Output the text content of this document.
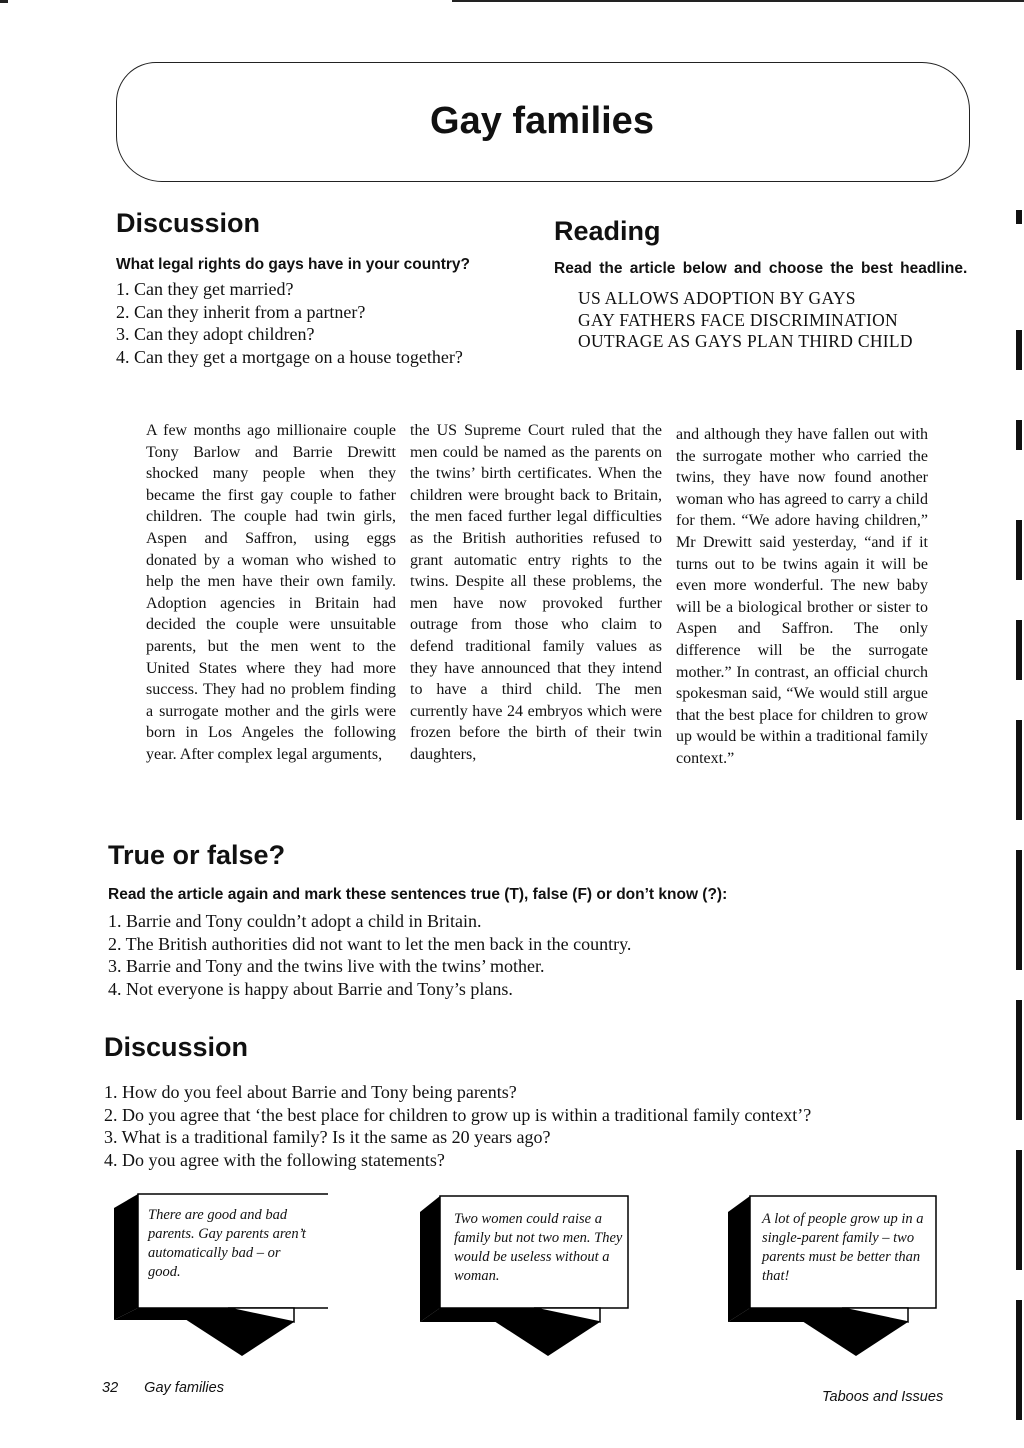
Gay families
Discussion

What legal rights do gays have in your country?

1. Can they get married?
2. Can they inherit from a partner?
3. Can they adopt children?
4. Can they get a mortgage on a house together?
Reading

Read the article below and choose the best headline.

US ALLOWS ADOPTION BY GAYS
GAY FATHERS FACE DISCRIMINATION
OUTRAGE AS GAYS PLAN THIRD CHILD
A few months ago millionaire couple Tony Barlow and Barrie Drewitt shocked many people when they became the first gay couple to father children. The couple had twin girls, Aspen and Saffron, using eggs donated by a woman who wished to help the men have their own family. Adoption agencies in Britain had decided the couple were unsuitable parents, but the men went to the United States where they had more success. They had no problem finding a surrogate mother and the girls were born in Los Angeles the following year. After complex legal arguments,
the US Supreme Court ruled that the men could be named as the parents on the twins’ birth certificates. When the children were brought back to Britain, the men faced further legal difficulties as the British authorities refused to grant automatic entry rights to the twins. Despite all these problems, the men have now provoked further outrage from those who claim to defend traditional family values as they have announced that they intend to have a third child. The men currently have 24 embryos which were frozen before the birth of their twin daughters,
and although they have fallen out with the surrogate mother who carried the twins, they have now found another woman who has agreed to carry a child for them. “We adore having children,” Mr Drewitt said yesterday, “and if it turns out to be twins again it will be even more wonderful. The new baby will be a biological brother or sister to Aspen and Saffron. The only difference will be the surrogate mother.” In contrast, an official church spokesman said, “We would still argue that the best place for children to grow up would be within a traditional family context.”
True or false?

Read the article again and mark these sentences true (T), false (F) or don’t know (?):

1. Barrie and Tony couldn’t adopt a child in Britain.
2. The British authorities did not want to let the men back in the country.
3. Barrie and Tony and the twins live with the twins’ mother.
4. Not everyone is happy about Barrie and Tony’s plans.
Discussion
1. How do you feel about Barrie and Tony being parents?
2. Do you agree that ‘the best place for children to grow up is within a traditional family context’?
3. What is a traditional family? Is it the same as 20 years ago?
4. Do you agree with the following statements?
There are good and bad parents. Gay parents aren’t automatically bad – or good.
Two women could raise a family but not two men. They would be useless without a woman.
A lot of people grow up in a single-parent family – two parents must be better than that!
32 Gay families
Taboos and Issues
